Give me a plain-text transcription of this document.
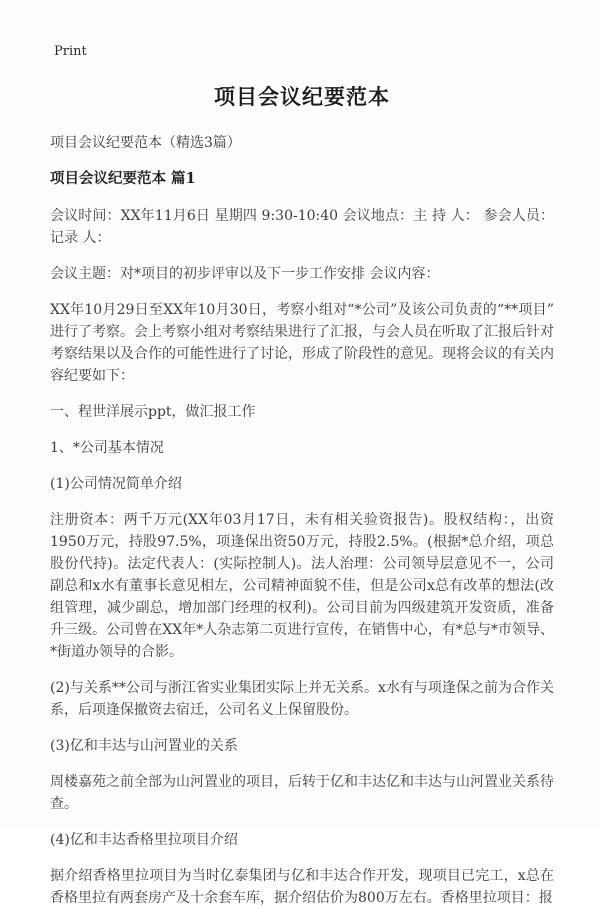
Print
项目会议纪要范本

项目会议纪要范本（精选3篇）

项目会议纪要范本 篇1

会议时间：XX年11月6日 星期四 9:30-10:40 会议地点：主 持 人： 参会人员： 记录 人：

会议主题：对*项目的初步评审以及下一步工作安排 会议内容：

XX年10月29日至XX年10月30日，考察小组对“*公司”及该公司负责的“**项目”进行了考察。会上考察小组对考察结果进行了汇报，与会人员在听取了汇报后针对考察结果以及合作的可能性进行了讨论，形成了阶段性的意见。现将会议的有关内容纪要如下：

一、程世洋展示ppt，做汇报工作

1、*公司基本情况

(1)公司情况简单介绍

注册资本：两千万元(XX年03月17日，未有相关验资报告)。股权结构：，出资1950万元，持股97.5%，项逢保出资50万元，持股2.5%。(根据*总介绍，项总股份代持)。法定代表人：(实际控制人)。法人治理：公司领导层意见不一，公司副总和x水有董事长意见相左，公司精神面貌不佳，但是公司x总有改革的想法(改组管理，减少副总，增加部门经理的权利)。公司目前为四级建筑开发资质，准备升三级。公司曾在XX年*人杂志第二页进行宣传，在销售中心，有*总与*市领导、*街道办领导的合影。

(2)与关系**公司与浙江省实业集团实际上并无关系。x水有与项逢保之前为合作关系，后项逢保撤资去宿迁，公司名义上保留股份。

(3)亿和丰达与山河置业的关系

周楼嘉苑之前全部为山河置业的项目，后转于亿和丰达亿和丰达与山河置业关系待查。

(4)亿和丰达香格里拉项目介绍

据介绍香格里拉项目为当时亿泰集团与亿和丰达合作开发，现项目已完工，x总在香格里拉有两套房产及十余套车库，据介绍估价为800万左右。香格里拉项目：报
